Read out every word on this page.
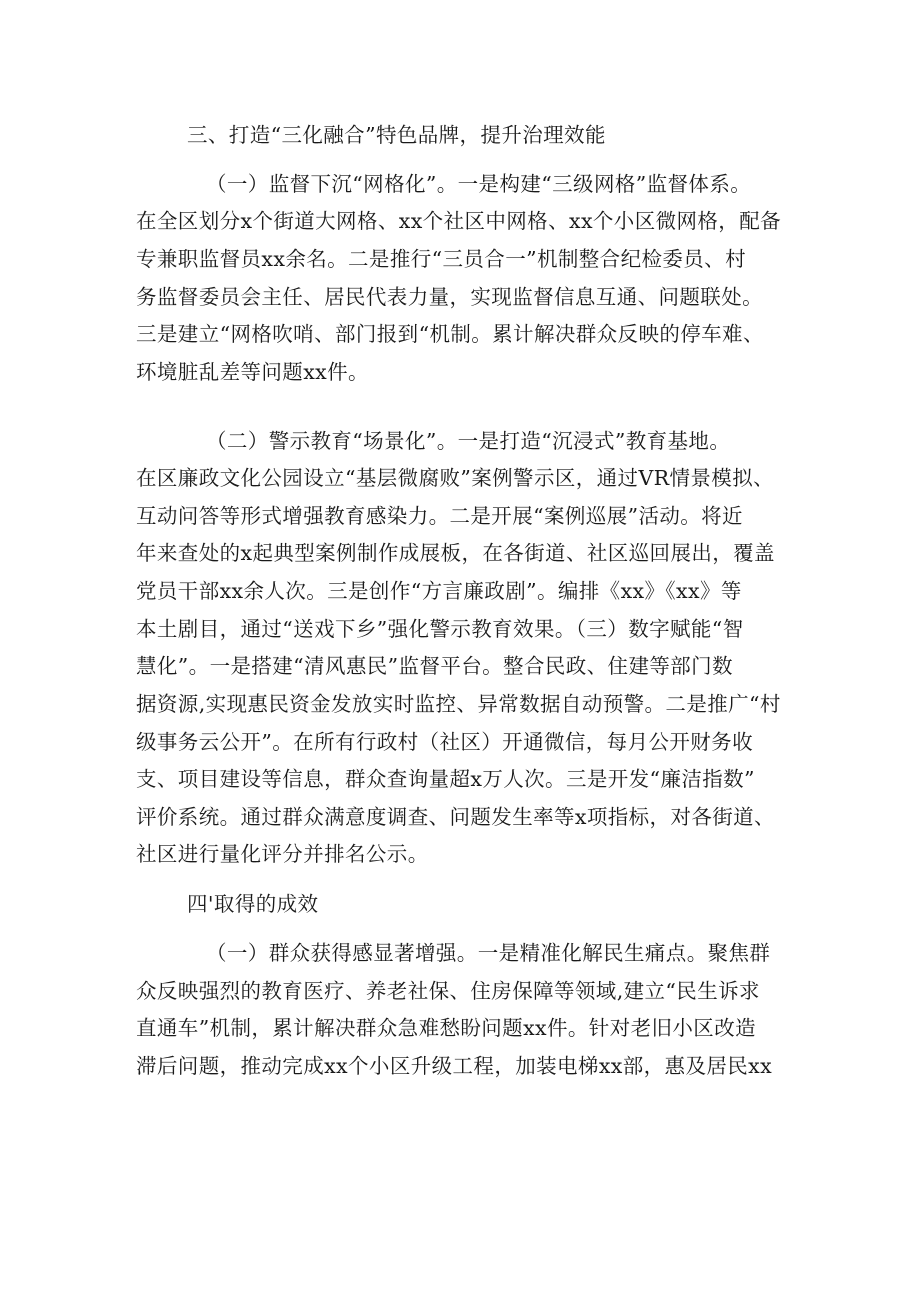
三、打造“三化融合”特色品牌，提升治理效能
（一）监督下沉“网格化”。一是构建“三级网格”监督体系。
在全区划分x个街道大网格、xx个社区中网格、xx个小区微网格，配备
专兼职监督员xx余名。二是推行“三员合一”机制整合纪检委员、村
务监督委员会主任、居民代表力量，实现监督信息互通、问题联处。
三是建立“网格吹哨、部门报到“机制。累计解决群众反映的停车难、
环境脏乱差等问题xx件。
（二）警示教育“场景化”。一是打造“沉浸式”教育基地。
在区廉政文化公园设立“基层微腐败”案例警示区，通过VR情景模拟、
互动问答等形式增强教育感染力。二是开展“案例巡展”活动。将近
年来查处的x起典型案例制作成展板，在各街道、社区巡回展出，覆盖
党员干部xx余人次。三是创作“方言廉政剧”。编排《xx》《xx》等
本土剧目，通过“送戏下乡”强化警示教育效果。（三）数字赋能“智
慧化”。一是搭建“清风惠民”监督平台。整合民政、住建等部门数
据资源,实现惠民资金发放实时监控、异常数据自动预警。二是推广“村
级事务云公开”。在所有行政村（社区）开通微信，每月公开财务收
支、项目建设等信息，群众查询量超x万人次。三是开发“廉洁指数”
评价系统。通过群众满意度调查、问题发生率等x项指标，对各街道、
社区进行量化评分并排名公示。
四'取得的成效
（一）群众获得感显著增强。一是精准化解民生痛点。聚焦群
众反映强烈的教育医疗、养老社保、住房保障等领域,建立“民生诉求
直通车”机制，累计解决群众急难愁盼问题xx件。针对老旧小区改造
滞后问题，推动完成xx个小区升级工程，加装电梯xx部，惠及居民xx
